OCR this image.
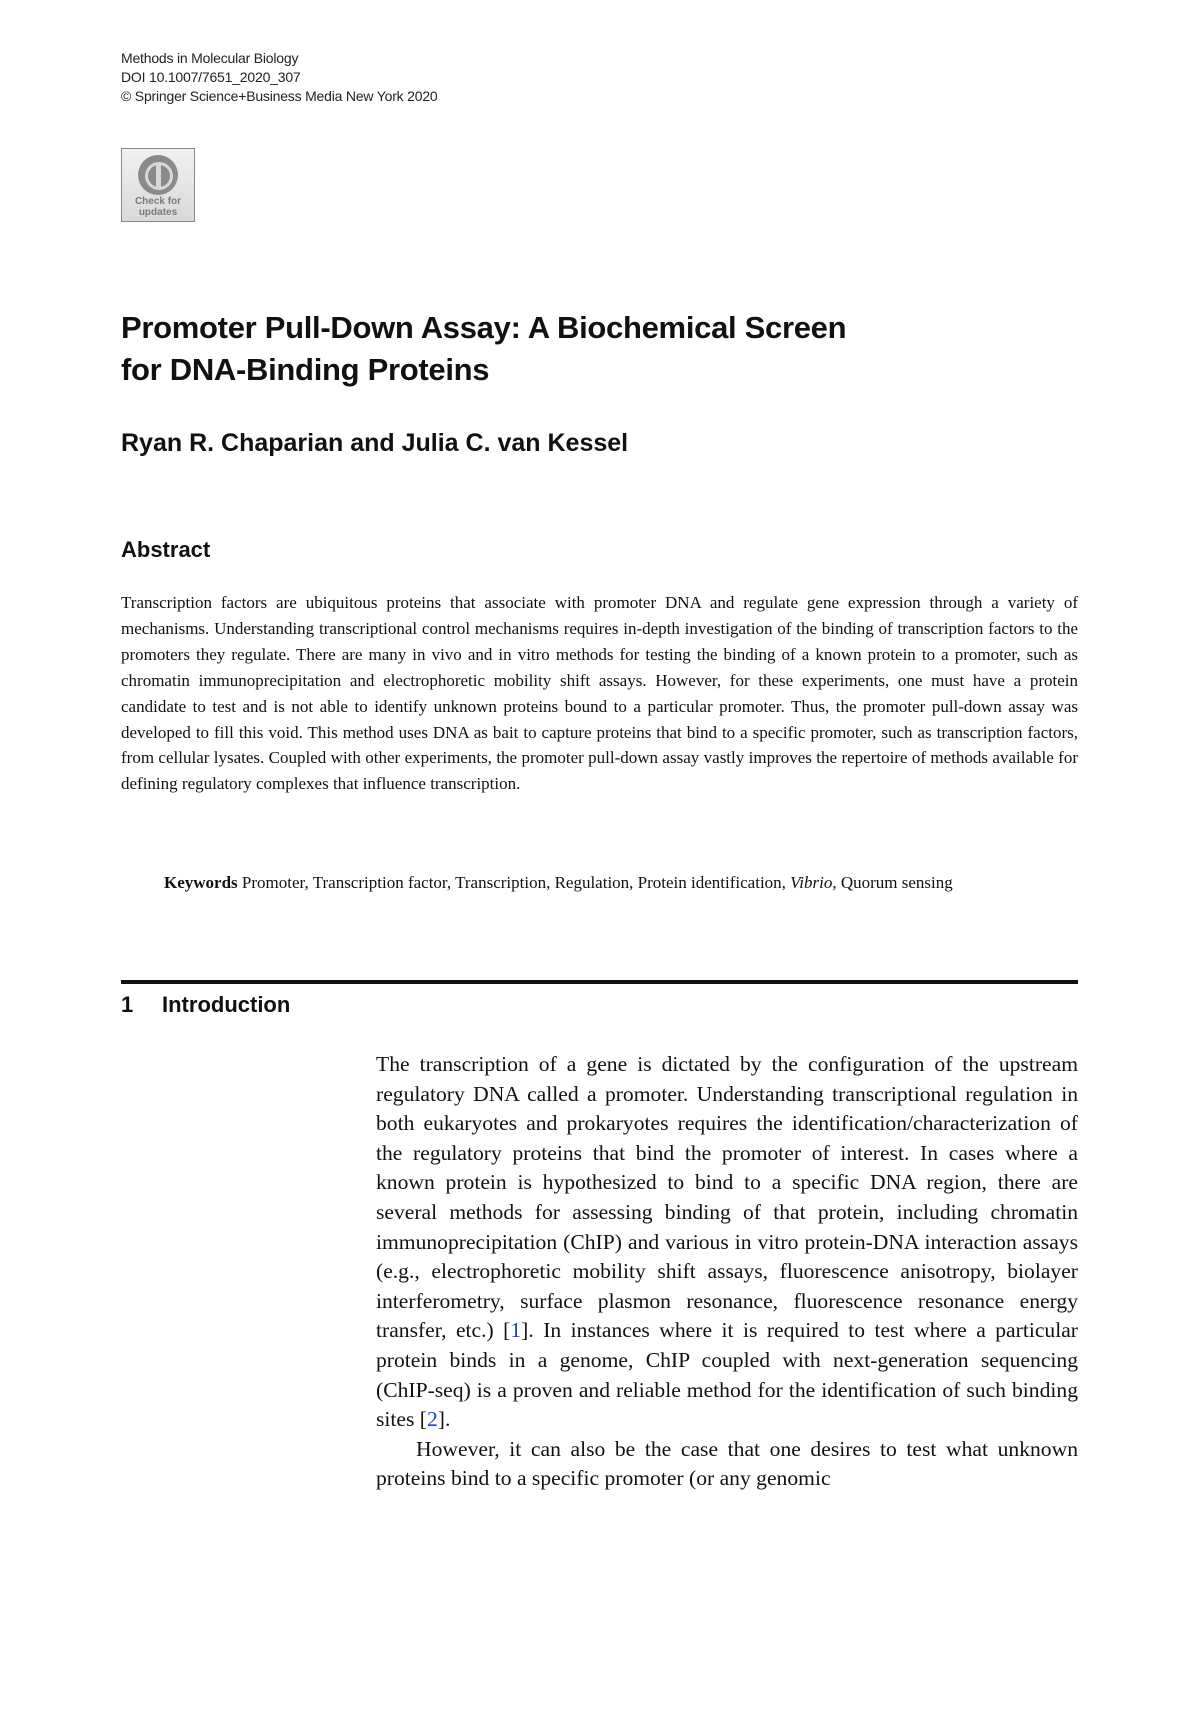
Methods in Molecular Biology
DOI 10.1007/7651_2020_307
© Springer Science+Business Media New York 2020
Check for
updates
Promoter Pull-Down Assay: A Biochemical Screen
for DNA-Binding Proteins
Ryan R. Chaparian and Julia C. van Kessel
Abstract

Transcription factors are ubiquitous proteins that associate with promoter DNA and regulate gene expression through a variety of mechanisms. Understanding transcriptional control mechanisms requires in-depth investigation of the binding of transcription factors to the promoters they regulate. There are many in vivo and in vitro methods for testing the binding of a known protein to a promoter, such as chromatin immunoprecipitation and electrophoretic mobility shift assays. However, for these experiments, one must have a protein candidate to test and is not able to identify unknown proteins bound to a particular promoter. Thus, the promoter pull-down assay was developed to fill this void. This method uses DNA as bait to capture proteins that bind to a specific promoter, such as transcription factors, from cellular lysates. Coupled with other experiments, the promoter pull-down assay vastly improves the repertoire of methods available for defining regulatory complexes that influence transcription.

Keywords Promoter, Transcription factor, Transcription, Regulation, Protein identification, Vibrio, Quorum sensing
1 Introduction

The transcription of a gene is dictated by the configuration of the upstream regulatory DNA called a promoter. Understanding transcriptional regulation in both eukaryotes and prokaryotes requires the identification/characterization of the regulatory proteins that bind the promoter of interest. In cases where a known protein is hypothesized to bind to a specific DNA region, there are several methods for assessing binding of that protein, including chromatin immunoprecipitation (ChIP) and various in vitro protein-DNA interaction assays (e.g., electrophoretic mobility shift assays, fluorescence anisotropy, biolayer interferometry, surface plasmon resonance, fluorescence resonance energy transfer, etc.) [1]. In instances where it is required to test where a particular protein binds in a genome, ChIP coupled with next-generation sequencing (ChIP-seq) is a proven and reliable method for the identification of such binding sites [2].

However, it can also be the case that one desires to test what unknown proteins bind to a specific promoter (or any genomic
